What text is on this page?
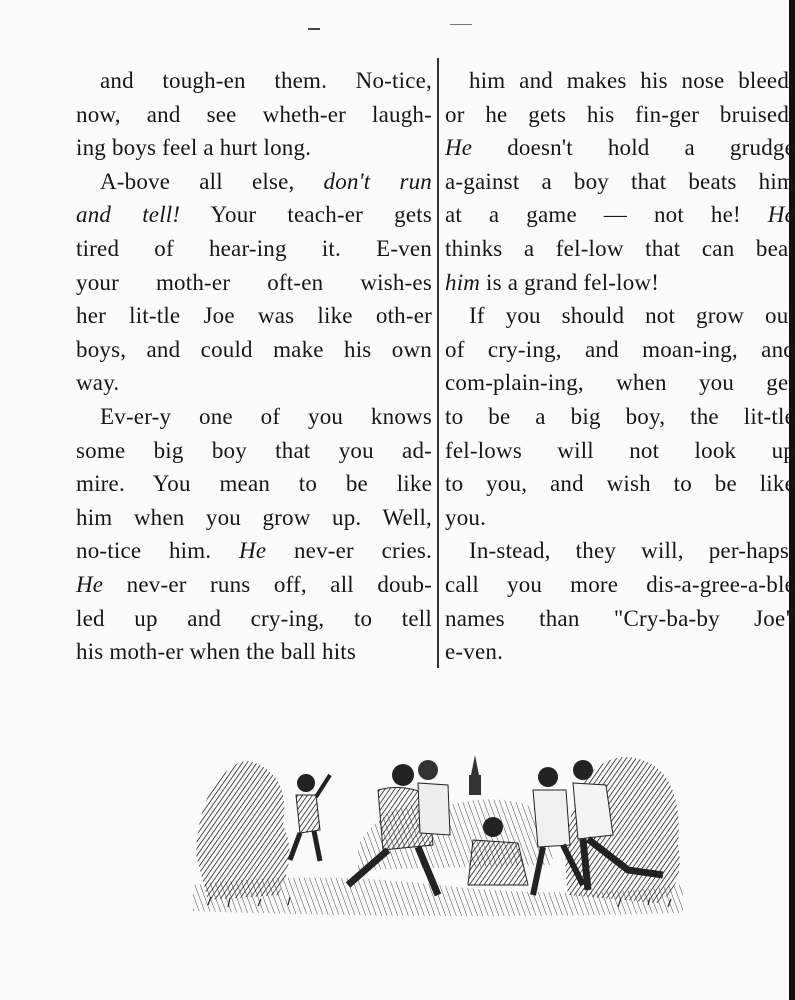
and tough-en them. No-tice,
now, and see wheth-er laugh-
ing boys feel a hurt long.
A-bove all else, don't run
and tell! Your teach-er gets
tired of hear-ing it. E-ven
your moth-er oft-en wish-es
her lit-tle Joe was like oth-er
boys, and could make his own
way.
Ev-er-y one of you knows
some big boy that you ad-
mire. You mean to be like
him when you grow up. Well,
no-tice him. He nev-er cries.
He nev-er runs off, all doub-
led up and cry-ing, to tell
his moth-er when the ball hits
him and makes his nose bleed,
or he gets his fin-ger bruised.
He doesn't hold a grudge
a-gainst a boy that beats him
at a game — not he! He
thinks a fel-low that can beat
him is a grand fel-low!
If you should not grow out
of cry-ing, and moan-ing, and
com-plain-ing, when you get
to be a big boy, the lit-tle
fel-lows will not look up
to you, and wish to be like
you.
In-stead, they will, per-haps,
call you more dis-a-gree-a-ble
names than "Cry-ba-by Joe"
e-ven.
